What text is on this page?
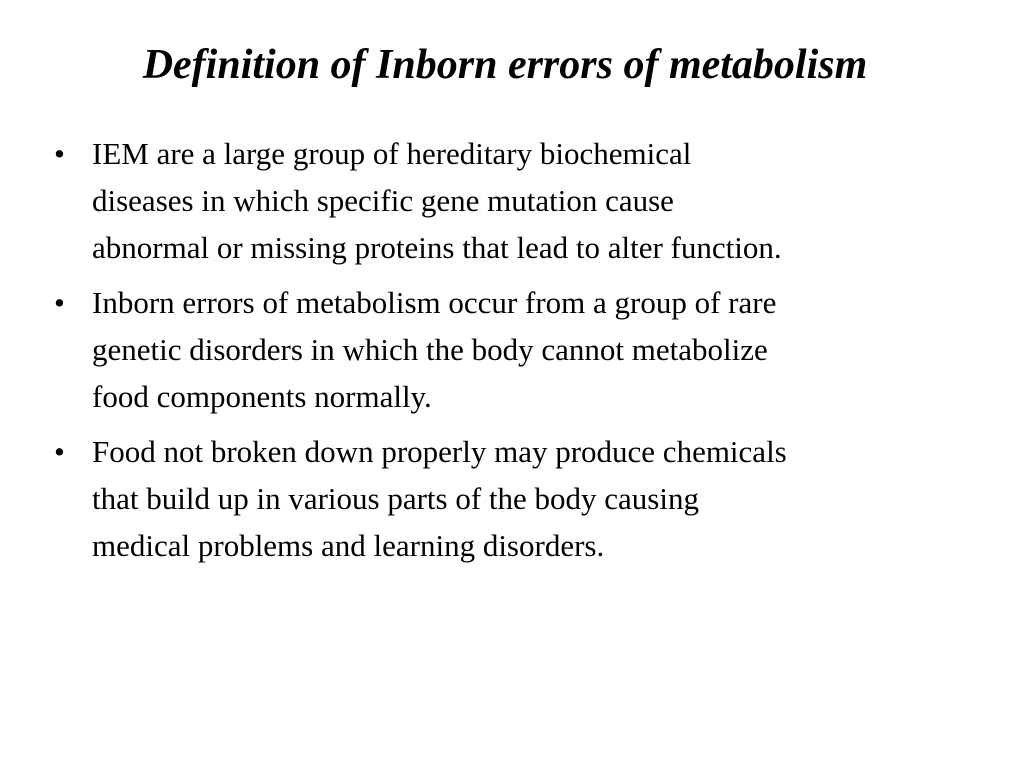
Definition of Inborn errors of metabolism
• IEM are a large group of hereditary biochemical
diseases in which specific gene mutation cause
abnormal or missing proteins that lead to alter function.
• Inborn errors of metabolism occur from a group of rare
genetic disorders in which the body cannot metabolize
food components normally.
• Food not broken down properly may produce chemicals
that build up in various parts of the body causing
medical problems and learning disorders.
